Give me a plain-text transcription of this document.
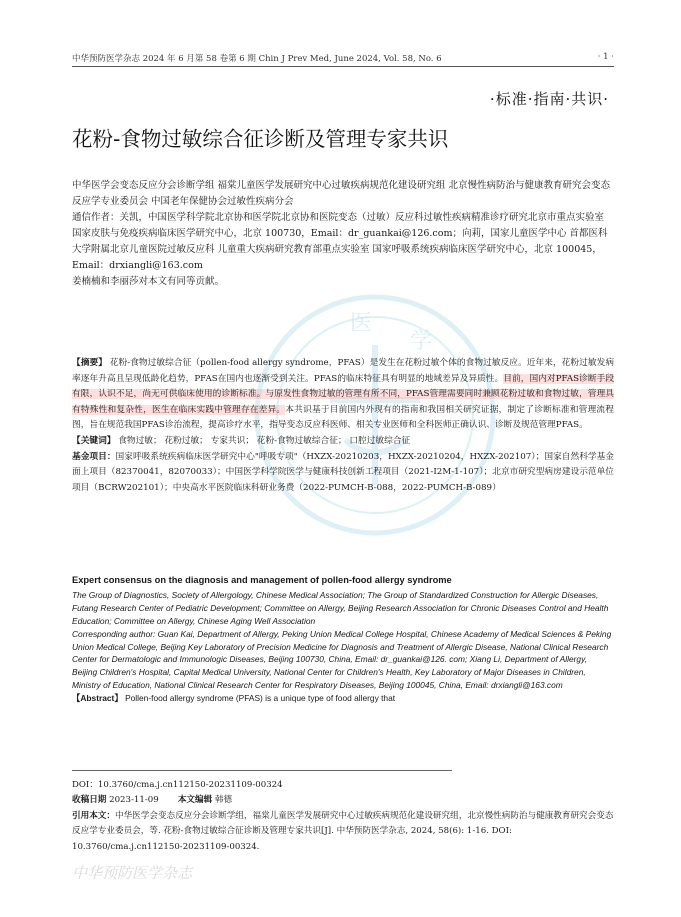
中华预防医学杂志 2024 年 6 月第 58 卷第 6 期 Chin J Prev Med, June 2024, Vol. 58, No. 6	· 1 ·
医
学
·标准·指南·共识·
花粉-食物过敏综合征诊断及管理专家共识

中华医学会变态反应分会诊断学组 福棠儿童医学发展研究中心过敏疾病规范化建设研究组 北京慢性病防治与健康教育研究会变态反应学专业委员会 中国老年保健协会过敏性疾病分会

通信作者：关凯，中国医学科学院北京协和医学院北京协和医院变态（过敏）反应科过敏性疾病精准诊疗研究北京市重点实验室 国家皮肤与免疫疾病临床医学研究中心，北京 100730，Email：dr_guankai@126.com；向莉，国家儿童医学中心 首都医科大学附属北京儿童医院过敏反应科 儿童重大疾病研究教育部重点实验室 国家呼吸系统疾病临床医学研究中心，北京 100045，Email：drxiangli@163.com

姜楠楠和李丽莎对本文有同等贡献。

【摘要】 花粉-食物过敏综合征（pollen-food allergy syndrome，PFAS）是发生在花粉过敏个体的食物过敏反应。近年来，花粉过敏发病率逐年升高且呈现低龄化趋势，PFAS在国内也逐渐受到关注。PFAS的临床特征具有明显的地域差异及异质性。目前，国内对PFAS诊断手段有限，认识不足，尚无可供临床使用的诊断标准。与原发性食物过敏的管理有所不同，PFAS管理需要同时兼顾花粉过敏和食物过敏，管理具有特殊性和复杂性，医生在临床实践中管理存在差异。本共识基于目前国内外现有的指南和我国相关研究证据，制定了诊断标准和管理流程图，旨在规范我国PFAS诊治流程，提高诊疗水平，指导变态反应科医师、相关专业医师和全科医师正确认识、诊断及规范管理PFAS。

【关键词】 食物过敏； 花粉过敏； 专家共识； 花粉-食物过敏综合征； 口腔过敏综合征

基金项目：国家呼吸系统疾病临床医学研究中心"呼吸专项"（HXZX-20210203，HXZX-20210204，HXZX-202107）；国家自然科学基金面上项目（82370041，82070033）；中国医学科学院医学与健康科技创新工程项目（2021-I2M-1-107）；北京市研究型病房建设示范单位项目（BCRW202101）；中央高水平医院临床科研业务费（2022-PUMCH-B-088，2022-PUMCH-B-089）

Expert consensus on the diagnosis and management of pollen-food allergy syndrome

The Group of Diagnostics, Society of Allergology, Chinese Medical Association; The Group of Standardized Construction for Allergic Diseases, Futang Research Center of Pediatric Development; Committee on Allergy, Beijing Research Association for Chronic Diseases Control and Health Education; Committee on Allergy, Chinese Aging Well Association

Corresponding author: Guan Kai, Department of Allergy, Peking Union Medical College Hospital, Chinese Academy of Medical Sciences & Peking Union Medical College, Beijing Key Laboratory of Precision Medicine for Diagnosis and Treatment of Allergic Disease, National Clinical Research Center for Dermatologic and Immunologic Diseases, Beijing 100730, China, Email: dr_guankai@126. com; Xiang Li, Department of Allergy, Beijing Children's Hospital, Capital Medical University, National Center for Children's Health, Key Laboratory of Major Diseases in Children, Ministry of Education, National Clinical Research Center for Respiratory Diseases, Beijing 100045, China, Email: drxiangli@163.com

【Abstract】 Pollen-food allergy syndrome (PFAS) is a unique type of food allergy that

DOI：10.3760/cma.j.cn112150-20231109-00324

收稿日期 2023-11-09 本文编辑 韩德

引用本文：中华医学会变态反应分会诊断学组，福棠儿童医学发展研究中心过敏疾病规范化建设研究组，北京慢性病防治与健康教育研究会变态反应学专业委员会，等. 花粉-食物过敏综合征诊断及管理专家共识[J]. 中华预防医学杂志, 2024, 58(6): 1-16. DOI: 10.3760/cma.j.cn112150-20231109-00324.

中华预防医学杂志
